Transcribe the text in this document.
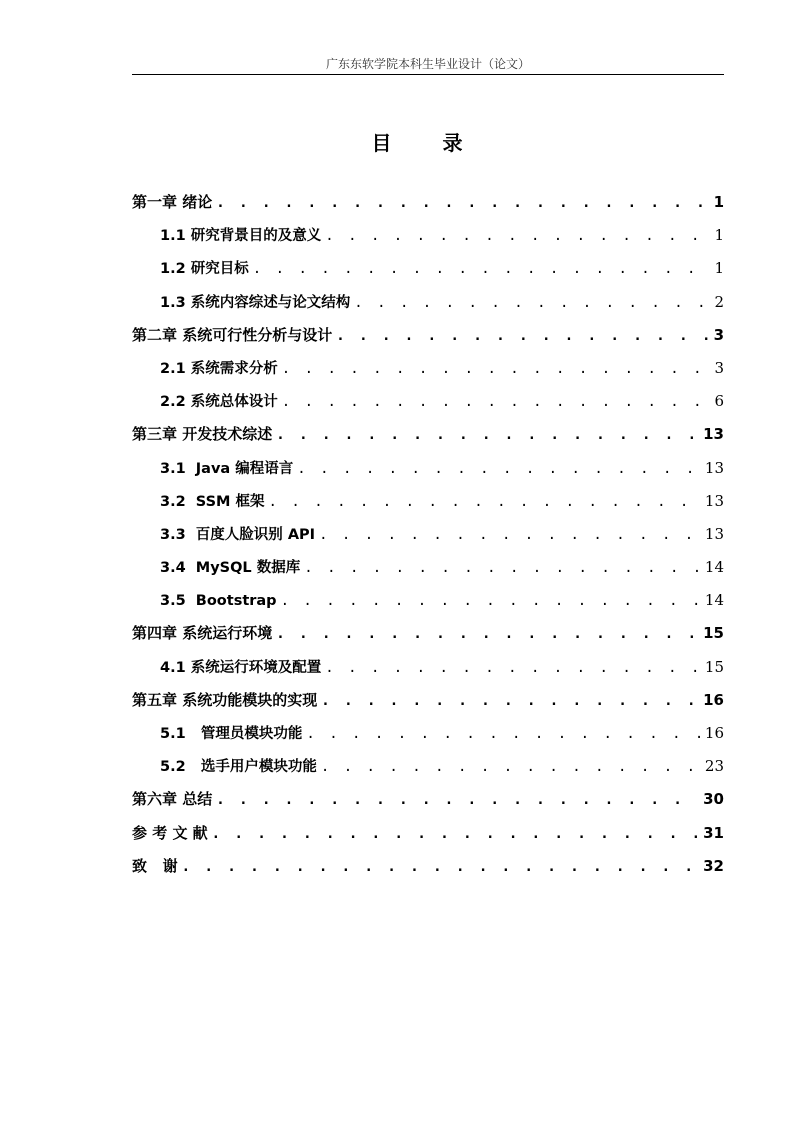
广东东软学院本科生毕业设计（论文）
目 录
第一章 绪论 . . .	1
1.1 研究背景目的及意义 . . .	1
1.2 研究目标 . . .	1
1.3 系统内容综述与论文结构 . . .	2
第二章 系统可行性分析与设计 . . .	3
2.1 系统需求分析 . . .	3
2.2 系统总体设计 . . .	6
第三章 开发技术综述 . . .	13
3.1  Java 编程语言 . . .	13
3.2  SSM 框架 . . .	13
3.3  百度人脸识别 API . . .	13
3.4  MySQL 数据库 . . .	14
3.5  Bootstrap . . .	14
第四章 系统运行环境 . . .	15
4.1 系统运行环境及配置 . . .	15
第五章 系统功能模块的实现 . . .	16
5.1   管理员模块功能 . . .	16
5.2   选手用户模块功能 . . .	23
第六章 总结 . . .	30
参 考 文 献 . . .	31
致   谢 . . .	32
